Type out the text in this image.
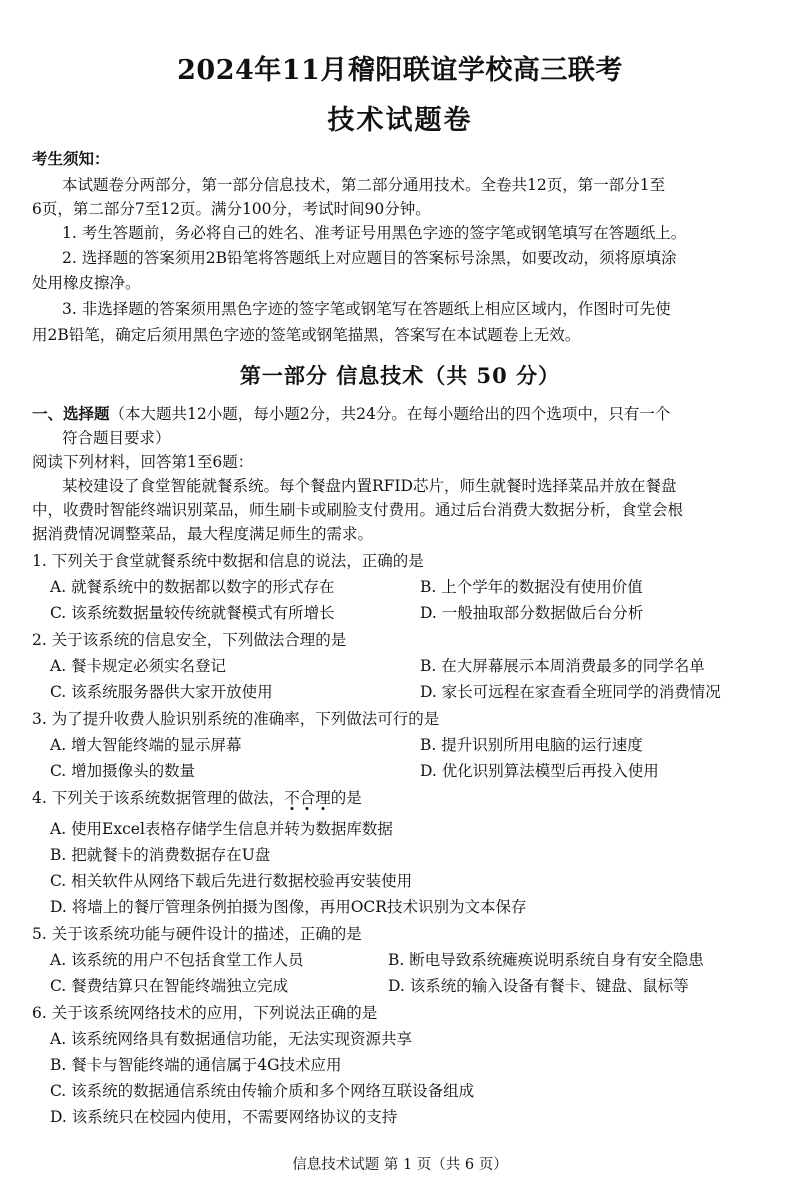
2024年11月稽阳联谊学校高三联考
技术试题卷
考生须知：
本试题卷分两部分，第一部分信息技术，第二部分通用技术。全卷共12页，第一部分1至
6页，第二部分7至12页。满分100分，考试时间90分钟。
1. 考生答题前，务必将自己的姓名、准考证号用黑色字迹的签字笔或钢笔填写在答题纸上。
2. 选择题的答案须用2B铅笔将答题纸上对应题目的答案标号涂黑，如要改动，须将原填涂
处用橡皮擦净。
3. 非选择题的答案须用黑色字迹的签字笔或钢笔写在答题纸上相应区域内，作图时可先使
用2B铅笔，确定后须用黑色字迹的签笔或钢笔描黑，答案写在本试题卷上无效。
第一部分 信息技术（共 50 分）
一、选择题（本大题共12小题，每小题2分，共24分。在每小题给出的四个选项中，只有一个
符合题目要求）
阅读下列材料，回答第1至6题：
某校建设了食堂智能就餐系统。每个餐盘内置RFID芯片，师生就餐时选择菜品并放在餐盘
中，收费时智能终端识别菜品，师生刷卡或刷脸支付费用。通过后台消费大数据分析，食堂会根
据消费情况调整菜品，最大程度满足师生的需求。
1. 下列关于食堂就餐系统中数据和信息的说法，正确的是
A. 就餐系统中的数据都以数字的形式存在	B. 上个学年的数据没有使用价值
C. 该系统数据量较传统就餐模式有所增长	D. 一般抽取部分数据做后台分析
2. 关于该系统的信息安全，下列做法合理的是
A. 餐卡规定必须实名登记	B. 在大屏幕展示本周消费最多的同学名单
C. 该系统服务器供大家开放使用	D. 家长可远程在家查看全班同学的消费情况
3. 为了提升收费人脸识别系统的准确率，下列做法可行的是
A. 增大智能终端的显示屏幕	B. 提升识别所用电脑的运行速度
C. 增加摄像头的数量	D. 优化识别算法模型后再投入使用
4. 下列关于该系统数据管理的做法，不合理的是
A. 使用Excel表格存储学生信息并转为数据库数据
B. 把就餐卡的消费数据存在U盘
C. 相关软件从网络下载后先进行数据校验再安装使用
D. 将墙上的餐厅管理条例拍摄为图像，再用OCR技术识别为文本保存
5. 关于该系统功能与硬件设计的描述，正确的是
A. 该系统的用户不包括食堂工作人员	B. 断电导致系统瘫痪说明系统自身有安全隐患
C. 餐费结算只在智能终端独立完成	D. 该系统的输入设备有餐卡、键盘、鼠标等
6. 关于该系统网络技术的应用，下列说法正确的是
A. 该系统网络具有数据通信功能，无法实现资源共享
B. 餐卡与智能终端的通信属于4G技术应用
C. 该系统的数据通信系统由传输介质和多个网络互联设备组成
D. 该系统只在校园内使用，不需要网络协议的支持
信息技术试题 第 1 页（共 6 页）
